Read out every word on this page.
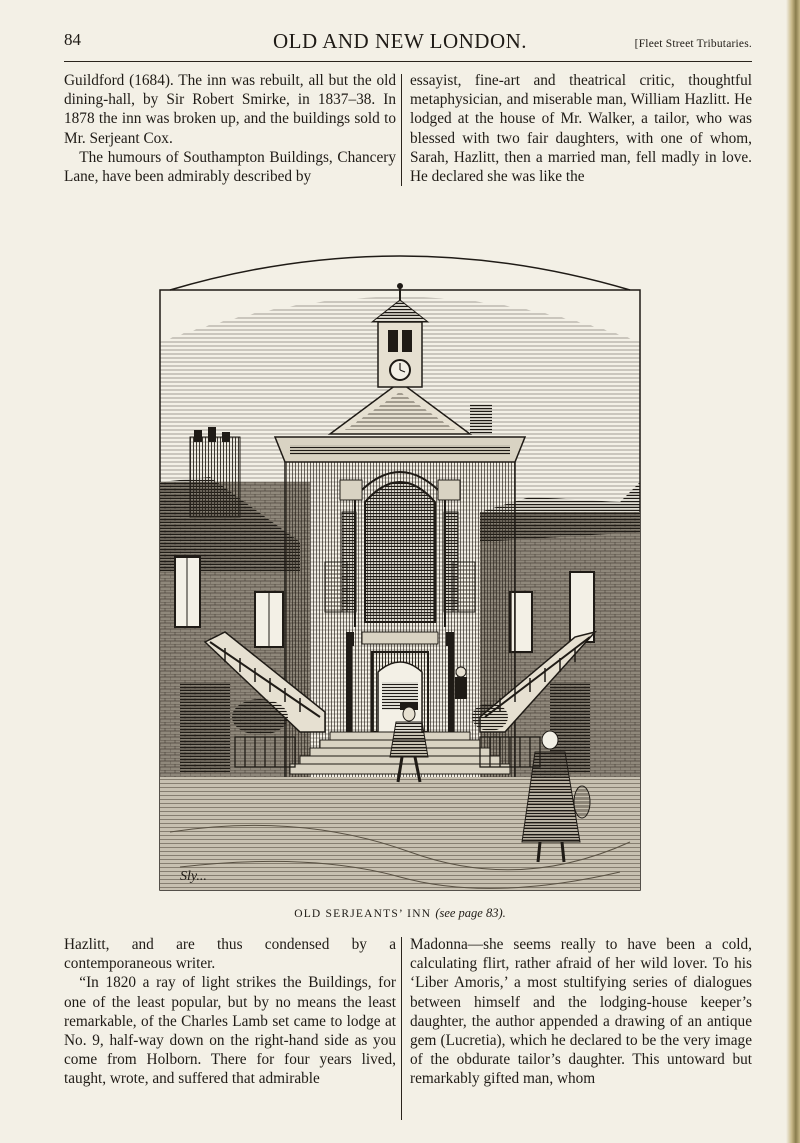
84	OLD AND NEW LONDON.	[Fleet Street Tributaries.

Guildford (1684). The inn was rebuilt, all but the old dining-hall, by Sir Robert Smirke, in 1837–38. In 1878 the inn was broken up, and the buildings sold to Mr. Serjeant Cox.

The humours of Southampton Buildings, Chancery Lane, have been admirably described by

essayist, fine-art and theatrical critic, thoughtful metaphysician, and miserable man, William Hazlitt. He lodged at the house of Mr. Walker, a tailor, who was blessed with two fair daughters, with one of whom, Sarah, Hazlitt, then a married man, fell madly in love. He declared she was like the

Sly...
OLD SERJEANTS’ INN (see page 83).

Hazlitt, and are thus condensed by a contemporaneous writer.

“In 1820 a ray of light strikes the Buildings, for one of the least popular, but by no means the least remarkable, of the Charles Lamb set came to lodge at No. 9, half-way down on the right-hand side as you come from Holborn. There for four years lived, taught, wrote, and suffered that admirable

Madonna—she seems really to have been a cold, calculating flirt, rather afraid of her wild lover. To his ‘Liber Amoris,’ a most stultifying series of dialogues between himself and the lodging-house keeper’s daughter, the author appended a drawing of an antique gem (Lucretia), which he declared to be the very image of the obdurate tailor’s daughter. This untoward but remarkably gifted man, whom
